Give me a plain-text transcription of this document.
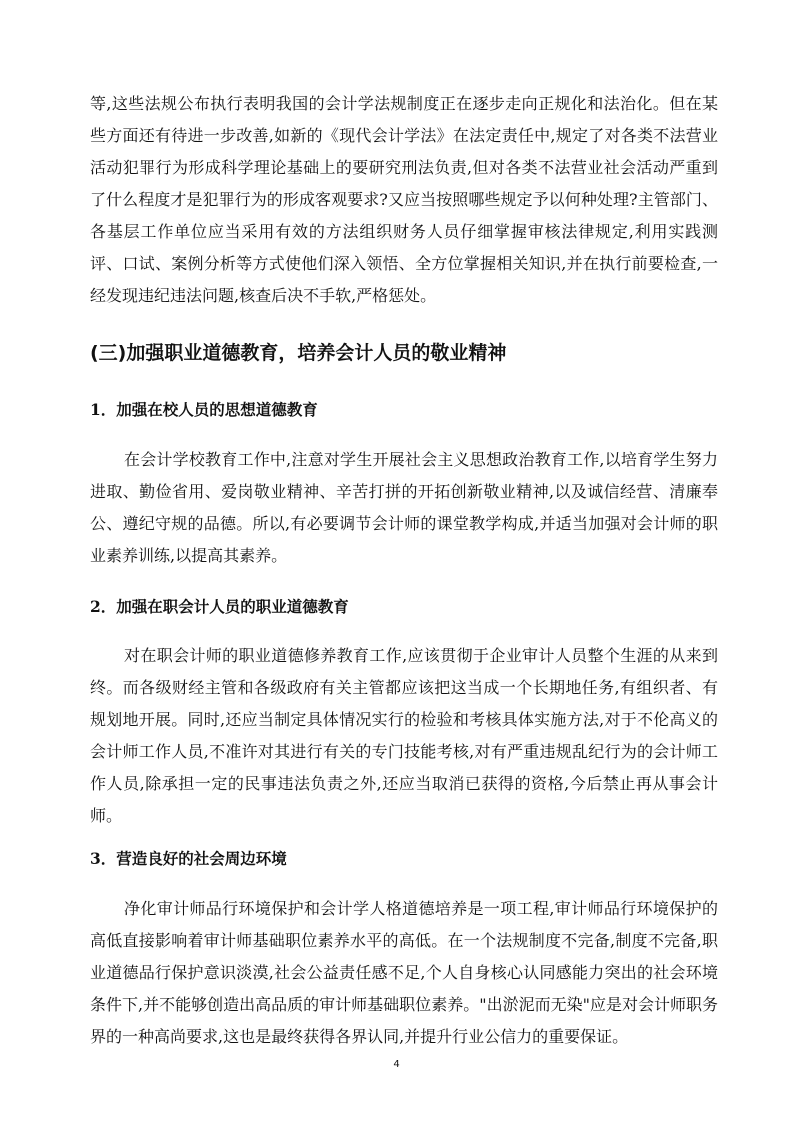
等,这些法规公布执行表明我国的会计学法规制度正在逐步走向正规化和法治化。但在某些方面还有待进一步改善,如新的《现代会计学法》在法定责任中,规定了对各类不法营业活动犯罪行为形成科学理论基础上的要研究刑法负责,但对各类不法营业社会活动严重到了什么程度才是犯罪行为的形成客观要求?又应当按照哪些规定予以何种处理?主管部门、各基层工作单位应当采用有效的方法组织财务人员仔细掌握审核法律规定,利用实践测评、口试、案例分析等方式使他们深入领悟、全方位掌握相关知识,并在执行前要检查,一经发现违纪违法问题,核查后决不手软,严格惩处。

(三)加强职业道德教育，培养会计人员的敬业精神
1．加强在校人员的思想道德教育

在会计学校教育工作中,注意对学生开展社会主义思想政治教育工作,以培育学生努力进取、勤俭省用、爱岗敬业精神、辛苦打拼的开拓创新敬业精神,以及诚信经营、清廉奉公、遵纪守规的品德。所以,有必要调节会计师的课堂教学构成,并适当加强对会计师的职业素养训练,以提高其素养。

2．加强在职会计人员的职业道德教育

对在职会计师的职业道德修养教育工作,应该贯彻于企业审计人员整个生涯的从来到终。而各级财经主管和各级政府有关主管都应该把这当成一个长期地任务,有组织者、有规划地开展。同时,还应当制定具体情况实行的检验和考核具体实施方法,对于不伦高义的会计师工作人员,不准许对其进行有关的专门技能考核,对有严重违规乱纪行为的会计师工作人员,除承担一定的民事违法负责之外,还应当取消已获得的资格,今后禁止再从事会计师。

3．营造良好的社会周边环境

净化审计师品行环境保护和会计学人格道德培养是一项工程,审计师品行环境保护的高低直接影响着审计师基础职位素养水平的高低。在一个法规制度不完备,制度不完备,职业道德品行保护意识淡漠,社会公益责任感不足,个人自身核心认同感能力突出的社会环境条件下,并不能够创造出高品质的审计师基础职位素养。"出淤泥而无染"应是对会计师职务界的一种高尚要求,这也是最终获得各界认同,并提升行业公信力的重要保证。

4
